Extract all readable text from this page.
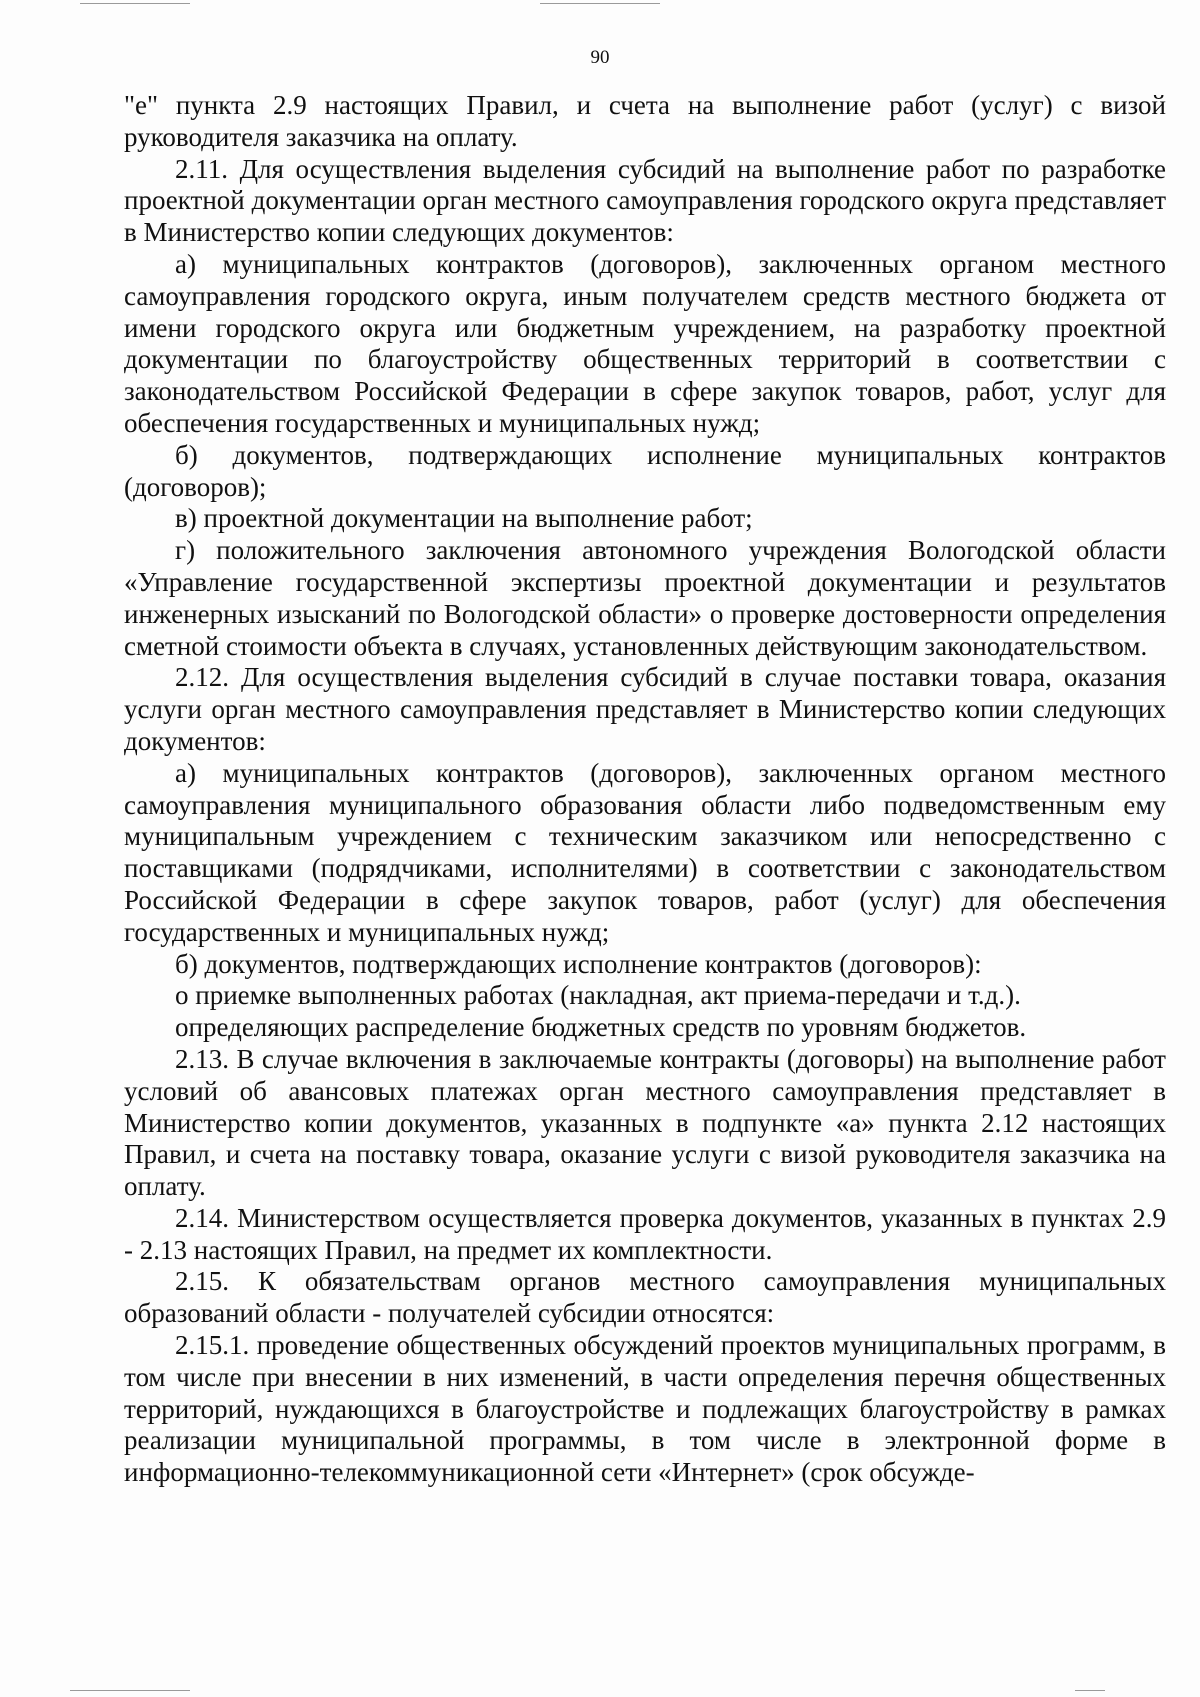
90

"е" пункта 2.9 настоящих Правил, и счета на выполнение работ (услуг) с визой руководителя заказчика на оплату.

2.11. Для осуществления выделения субсидий на выполнение работ по разработке проектной документации орган местного самоуправления городского округа представляет в Министерство копии следующих документов:

а) муниципальных контрактов (договоров), заключенных органом местного самоуправления городского округа, иным получателем средств местного бюджета от имени городского округа или бюджетным учреждением, на разработку проектной документации по благоустройству общественных территорий в соответствии с законодательством Российской Федерации в сфере закупок товаров, работ, услуг для обеспечения государственных и муниципальных нужд;

б) документов, подтверждающих исполнение муниципальных контрактов (договоров);

в) проектной документации на выполнение работ;

г) положительного заключения автономного учреждения Вологодской области «Управление государственной экспертизы проектной документации и результатов инженерных изысканий по Вологодской области» о проверке достоверности определения сметной стоимости объекта в случаях, установленных действующим законодательством.

2.12. Для осуществления выделения субсидий в случае поставки товара, оказания услуги орган местного самоуправления представляет в Министерство копии следующих документов:

а) муниципальных контрактов (договоров), заключенных органом местного самоуправления муниципального образования области либо подведомственным ему муниципальным учреждением с техническим заказчиком или непосредственно с поставщиками (подрядчиками, исполнителями) в соответствии с законодательством Российской Федерации в сфере закупок товаров, работ (услуг) для обеспечения государственных и муниципальных нужд;

б) документов, подтверждающих исполнение контрактов (договоров):

о приемке выполненных работах (накладная, акт приема-передачи и т.д.).

определяющих распределение бюджетных средств по уровням бюджетов.

2.13. В случае включения в заключаемые контракты (договоры) на выполнение работ условий об авансовых платежах орган местного самоуправления представляет в Министерство копии документов, указанных в подпункте «а» пункта 2.12 настоящих Правил, и счета на поставку товара, оказание услуги с визой руководителя заказчика на оплату.

2.14. Министерством осуществляется проверка документов, указанных в пунктах 2.9 - 2.13 настоящих Правил, на предмет их комплектности.

2.15. К обязательствам органов местного самоуправления муниципальных образований области - получателей субсидии относятся:

2.15.1. проведение общественных обсуждений проектов муниципальных программ, в том числе при внесении в них изменений, в части определения перечня общественных территорий, нуждающихся в благоустройстве и подлежащих благоустройству в рамках реализации муниципальной программы, в том числе в электронной форме в информационно-телекоммуникационной сети «Интернет» (срок обсужде-
